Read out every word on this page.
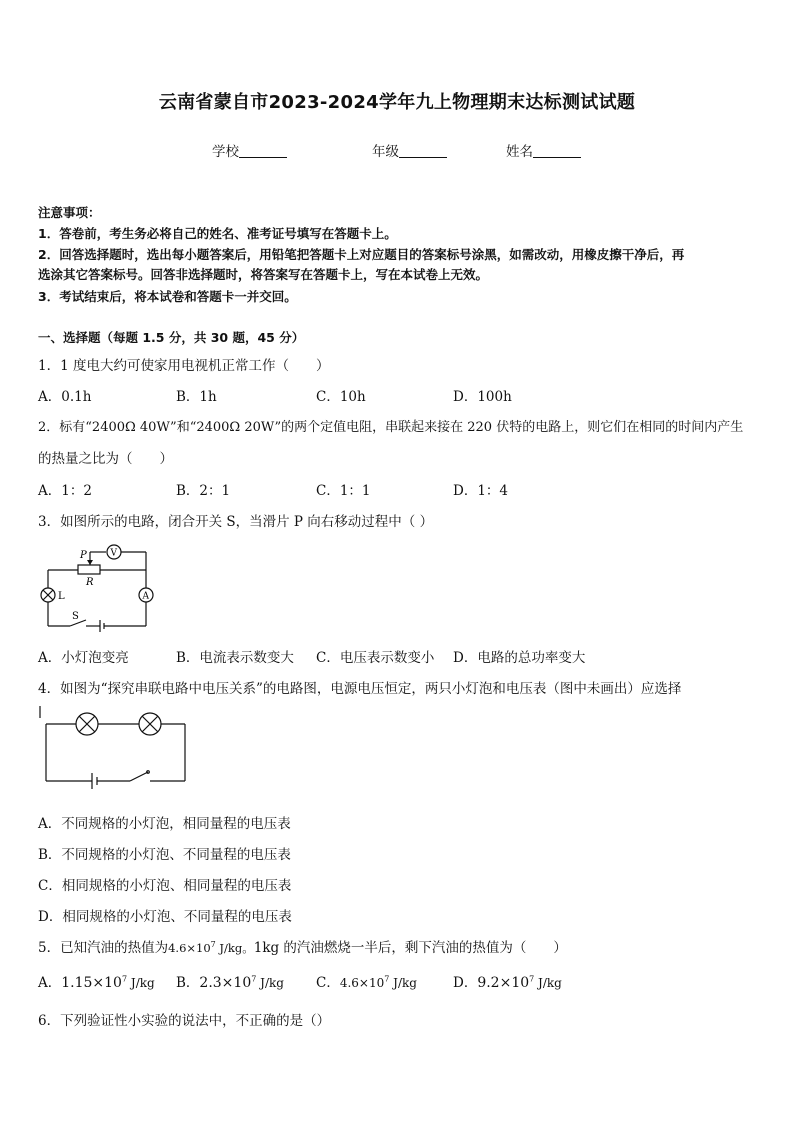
云南省蒙自市2023-2024学年九上物理期末达标测试试题
学校	年级	姓名
注意事项：
1．答卷前，考生务必将自己的姓名、准考证号填写在答题卡上。
2．回答选择题时，选出每小题答案后，用铅笔把答题卡上对应题目的答案标号涂黑，如需改动，用橡皮擦干净后，再
选涂其它答案标号。回答非选择题时，将答案写在答题卡上，写在本试卷上无效。
3．考试结束后，将本试卷和答题卡一并交回。
一、选择题（每题 1.5 分，共 30 题，45 分）
1．1 度电大约可使家用电视机正常工作（　　）
A．0.1h	B．1h	C．10h	D．100h
2．标有“2400Ω 40W”和“2400Ω 20W”的两个定值电阻，串联起来接在 220 伏特的电路上，则它们在相同的时间内产生
的热量之比为（　　）
A．1：2	B．2：1	C．1：1	D．1：4
3．如图所示的电路，闭合开关 S，当滑片 P 向右移动过程中（ ）
P
R
V
A
L
S
A．小灯泡变亮	B．电流表示数变大 C．电压表示数变小 D．电路的总功率变大
4．如图为“探究串联电路中电压关系”的电路图，电源电压恒定，两只小灯泡和电压表（图中未画出）应选择
A．不同规格的小灯泡，相同量程的电压表
B．不同规格的小灯泡、不同量程的电压表
C．相同规格的小灯泡、相同量程的电压表
D．相同规格的小灯泡、不同量程的电压表
5．已知汽油的热值为$4.6\times 10^7$ J/kg。1kg 的汽油燃烧一半后，剩下汽油的热值为（　　）
A．$1.15\times 10^7$ J/kg B．$2.3\times 10^7$ J/kg C．$4.6\times 10^7$ J/kg	D．$9.2\times 10^7$ J/kg
6．下列验证性小实验的说法中，不正确的是（）
